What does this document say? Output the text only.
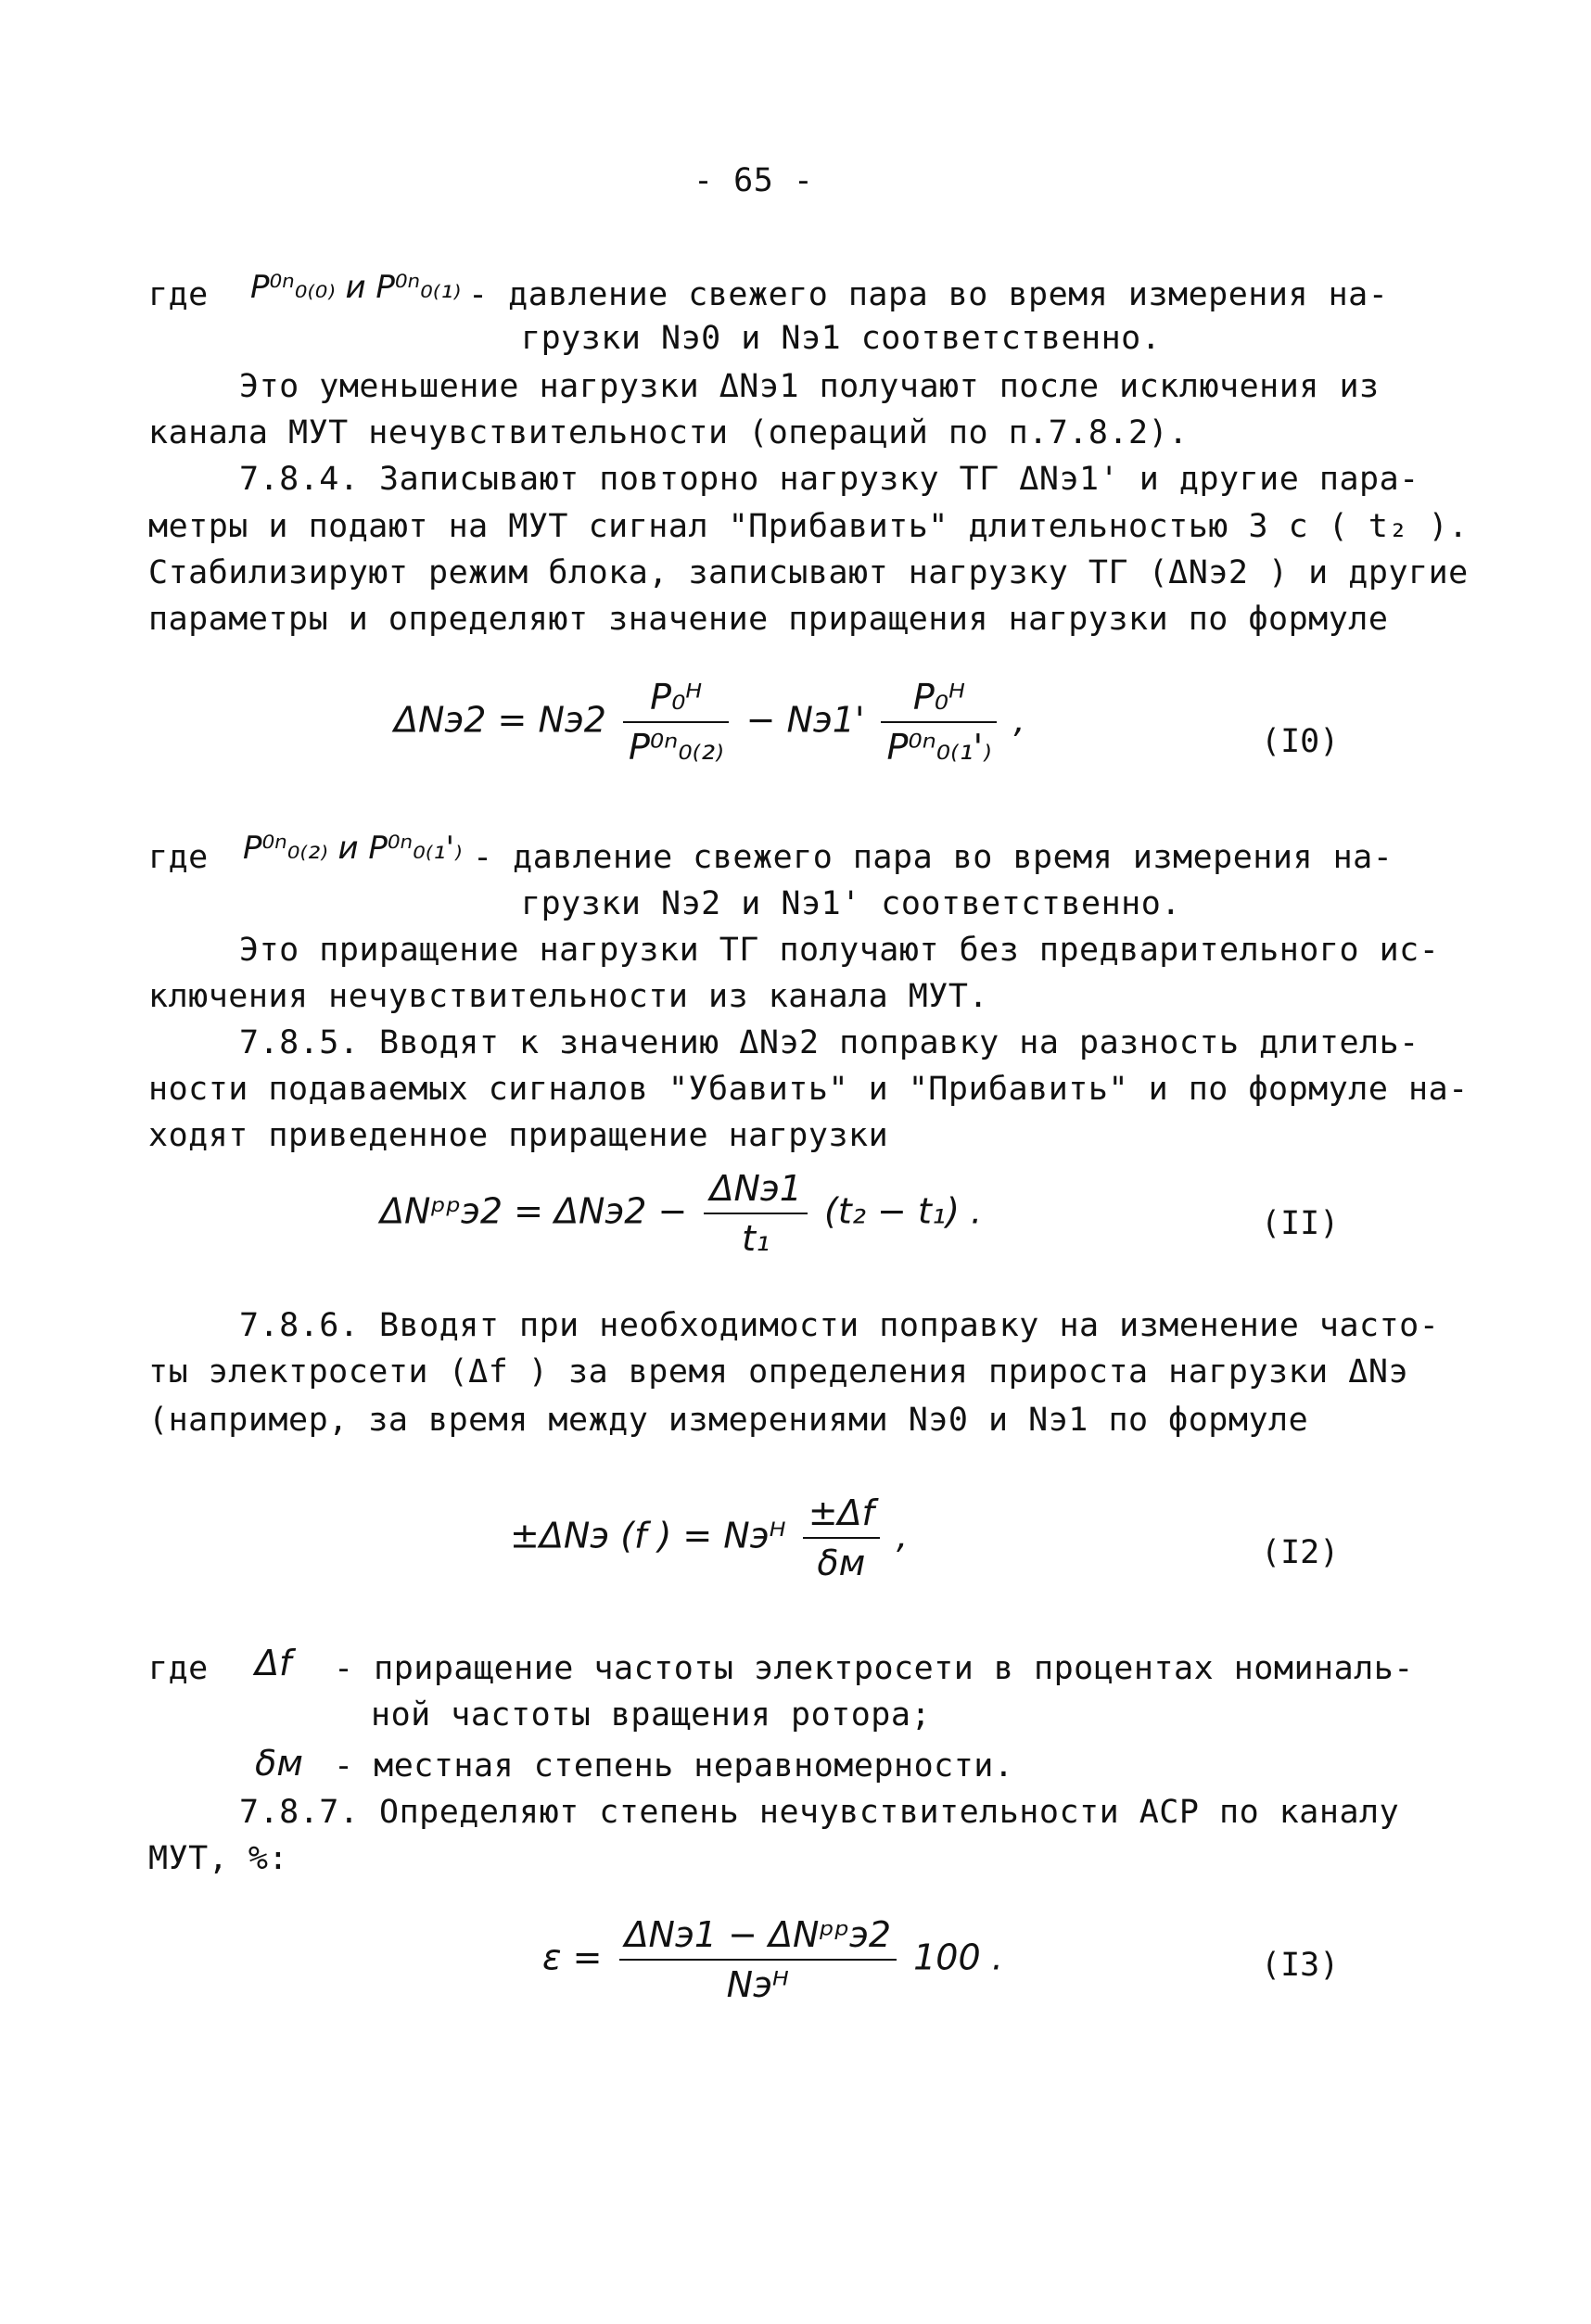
- 65 -
где P⁰ⁿ₀₍₀₎ и P⁰ⁿ₀₍₁₎ - давление свежего пара во время измерения на-
грузки Nэ0 и Nэ1 соответственно.
Это уменьшение нагрузки ΔNэ1 получают после исключения из
канала МУТ нечувствительности (операций по п.7.8.2).
7.8.4. Записывают повторно нагрузку ТГ ΔNэ1' и другие пара-
метры и подают на МУТ сигнал "Прибавить" длительностью 3 с ( t₂ ).
Стабилизируют режим блока, записывают нагрузку ТГ (ΔNэ2 ) и другие
параметры и определяют значение приращения нагрузки по формуле
$\Delta Nэ2 = Nэ2 \frac{\text{P₀ᴴ}}{\text{P⁰ⁿ₀₍₂₎}} - Nэ1' \frac{\text{P₀ᴴ}}{\text{P⁰ⁿ₀₍₁'₎}}$ ,
(I0)
где P⁰ⁿ₀₍₂₎ и P⁰ⁿ₀₍₁'₎ - давление свежего пара во время измерения на-
грузки Nэ2 и Nэ1' соответственно.
Это приращение нагрузки ТГ получают без предварительного ис-
ключения нечувствительности из канала МУТ.
7.8.5. Вводят к значению ΔNэ2 поправку на разность длитель-
ности подаваемых сигналов "Убавить" и "Прибавить" и по формуле на-
ходят приведенное приращение нагрузки
ΔNᵖᵖэ2 = $\Delta Nэ2 - \frac{\text{ΔNэ1}}{\text{t₁}} (t_2 - t_1)$ .	(II)
7.8.6. Вводят при необходимости поправку на изменение часто-
ты электросети (Δf ) за время определения прироста нагрузки ΔNэ
(например, за время между измерениями Nэ0 и Nэ1 по формуле
±ΔNэ (f ) = Nэᴴ $\frac{\pm\Delta f}{\delta м}$ ,	(I2)
где Δf - приращение частоты электросети в процентах номиналь-
ной частоты вращения ротора;
δм - местная степень неравномерности.
7.8.7. Определяют степень нечувствительности АСР по каналу
МУТ, %:
$\varepsilon = \frac{\text{ΔNэ1 − ΔNᵖᵖэ2}}{\text{Nэᴴ}} 100$ .	(I3)
